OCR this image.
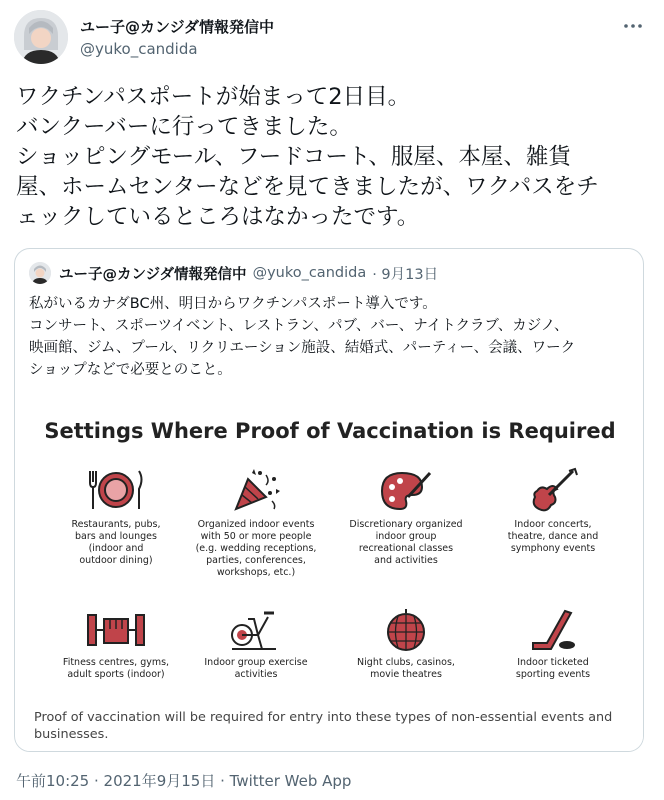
ユー子@カンジダ情報発信中
@yuko_candida
ワクチンパスポートが始まって2日目。
バンクーバーに行ってきました。
ショッピングモール、フードコート、服屋、本屋、雑貨
屋、ホームセンターなどを見てきましたが、ワクパスをチ
ェックしているところはなかったです。
ユー子@カンジダ情報発信中 @yuko_candida · 9月13日
私がいるカナダBC州、明日からワクチンパスポート導入です。
コンサート、スポーツイベント、レストラン、パブ、バー、ナイトクラブ、カジノ、
映画館、ジム、プール、リクリエーション施設、結婚式、パーティー、会議、ワーク
ショップなどで必要とのこと。
Settings Where Proof of Vaccination is Required
Restaurants, pubs,
bars and lounges
(indoor and
outdoor dining)
Organized indoor events
with 50 or more people
(e.g. wedding receptions,
parties, conferences,
workshops, etc.)
Discretionary organized
indoor group
recreational classes
and activities
Indoor concerts,
theatre, dance and
symphony events
Fitness centres, gyms,
adult sports (indoor)
Indoor group exercise
activities
Night clubs, casinos,
movie theatres
Indoor ticketed
sporting events
Proof of vaccination will be required for entry into these types of non-essential events and
businesses.
午前10:25 · 2021年9月15日 · Twitter Web App
